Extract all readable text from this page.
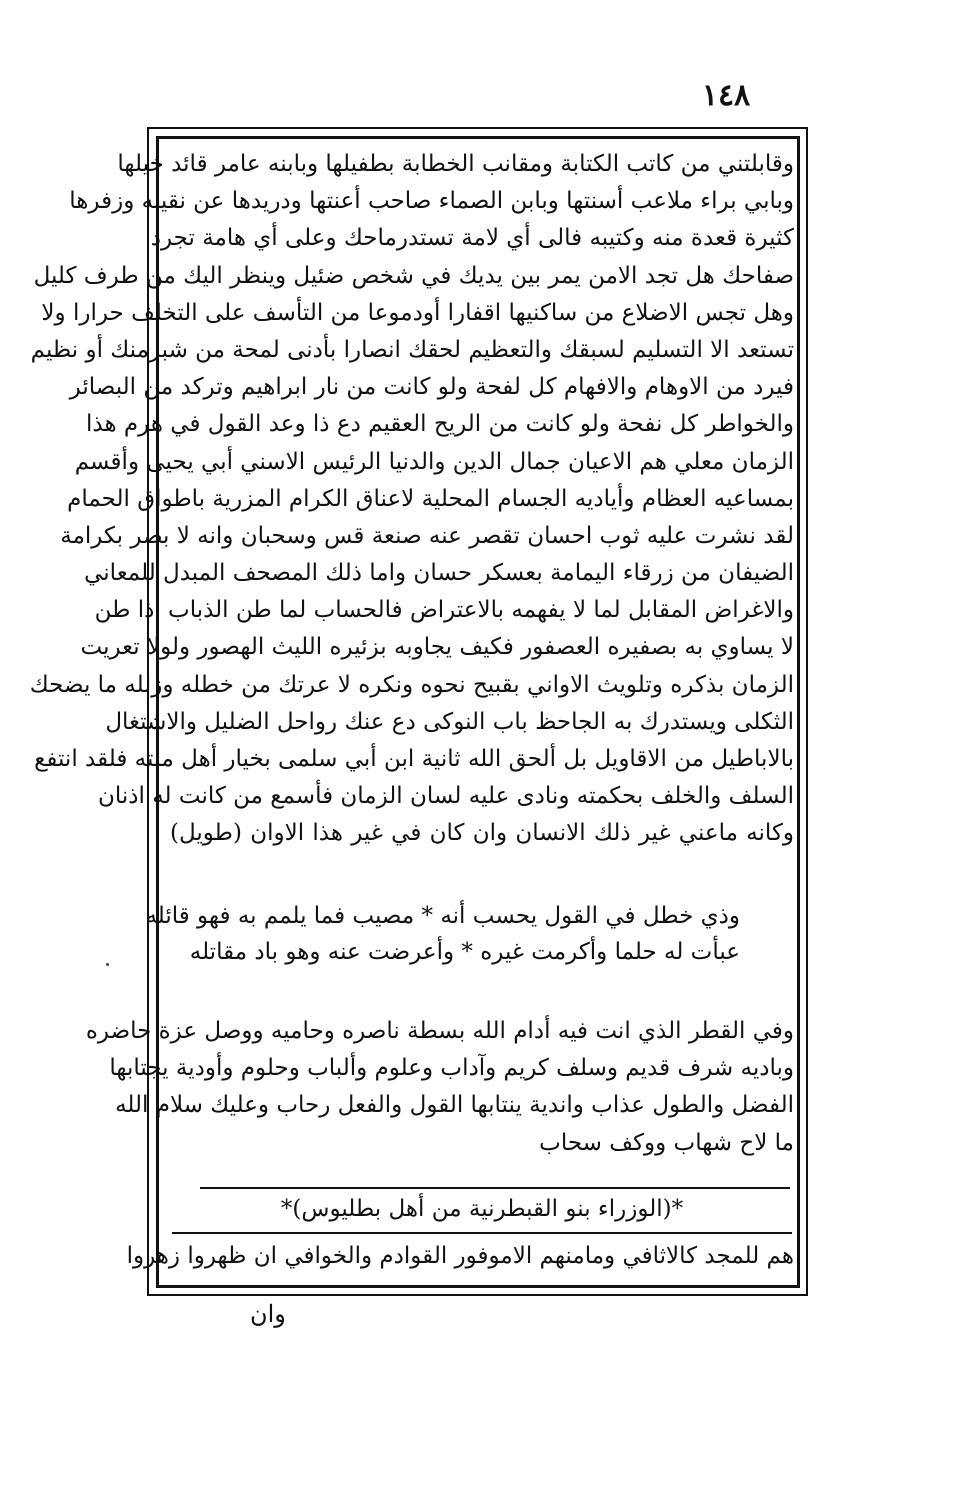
١٤٨
وقابلتني من كاتب الكتابة ومقانب الخطابة بطفيلها وبابنه عامر قائد خيلها
وبابي براء ملاعب أسنتها وبابن الصماء صاحب أعنتها ودريدها عن نقيبه وزفرها
كثيرة قعدة منه وكتيبه فالى أي لامة تستدرماحك وعلى أي هامة تجرد
صفاحك هل تجد الامن يمر بين يديك في شخص ضئيل وينظر اليك من طرف كليل
وهل تجس الاضلاع من ساكنيها اقفارا أودموعا من التأسف على التخلف حرارا ولا
تستعد الا التسليم لسبقك والتعظيم لحقك انصارا بأدنى لمحة من شبرمنك أو نظيم
فيرد من الاوهام والافهام كل لفحة ولو كانت من نار ابراهيم وتركد من البصائر
والخواطر كل نفحة ولو كانت من الريح العقيم دع ذا وعد القول في هرم هذا
الزمان معلي هم الاعيان جمال الدين والدنيا الرئيس الاسني أبي يحيى وأقسم
بمساعيه العظام وأياديه الجسام المحلية لاعناق الكرام المزرية باطواق الحمام
لقد نشرت عليه ثوب احسان تقصر عنه صنعة قس وسحبان وانه لا بصر بكرامة
الضيفان من زرقاء اليمامة بعسكر حسان واما ذلك المصحف المبدل للمعاني
والاغراض المقابل لما لا يفهمه بالاعتراض فالحساب لما طن الذباب اذا طن
لا يساوي به بصفيره العصفور فكيف يجاوبه بزئيره الليث الهصور ولولا تعريت
الزمان بذكره وتلويث الاواني بقبيح نحوه ونكره لا عرتك من خطله وزلله ما يضحك
الثكلى ويستدرك به الجاحظ باب النوكى دع عنك رواحل الضليل والاشتغال
بالاباطيل من الاقاويل بل ألحق الله ثانية ابن أبي سلمى بخيار أهل ملته فلقد انتفع
السلف والخلف بحكمته ونادى عليه لسان الزمان فأسمع من كانت له اذنان
وكانه ماعني غير ذلك الانسان وان كان في غير هذا الاوان (طويل)
وذي خطل في القول يحسب أنه * مصيب فما يلمم به فهو قائله
عبأت له حلما وأكرمت غيره * وأعرضت عنه وهو باد مقاتله
وفي القطر الذي انت فيه أدام الله بسطة ناصره وحاميه ووصل عزة حاضره
وباديه شرف قديم وسلف كريم وآداب وعلوم وألباب وحلوم وأودية يجتابها
الفضل والطول عذاب واندية ينتابها القول والفعل رحاب وعليك سلام الله
ما لاح شهاب ووكف سحاب
*(الوزراء بنو القبطرنية من أهل بطليوس)*
هم للمجد كالاثافي ومامنهم الاموفور القوادم والخوافي ان ظهروا زهروا
وان
